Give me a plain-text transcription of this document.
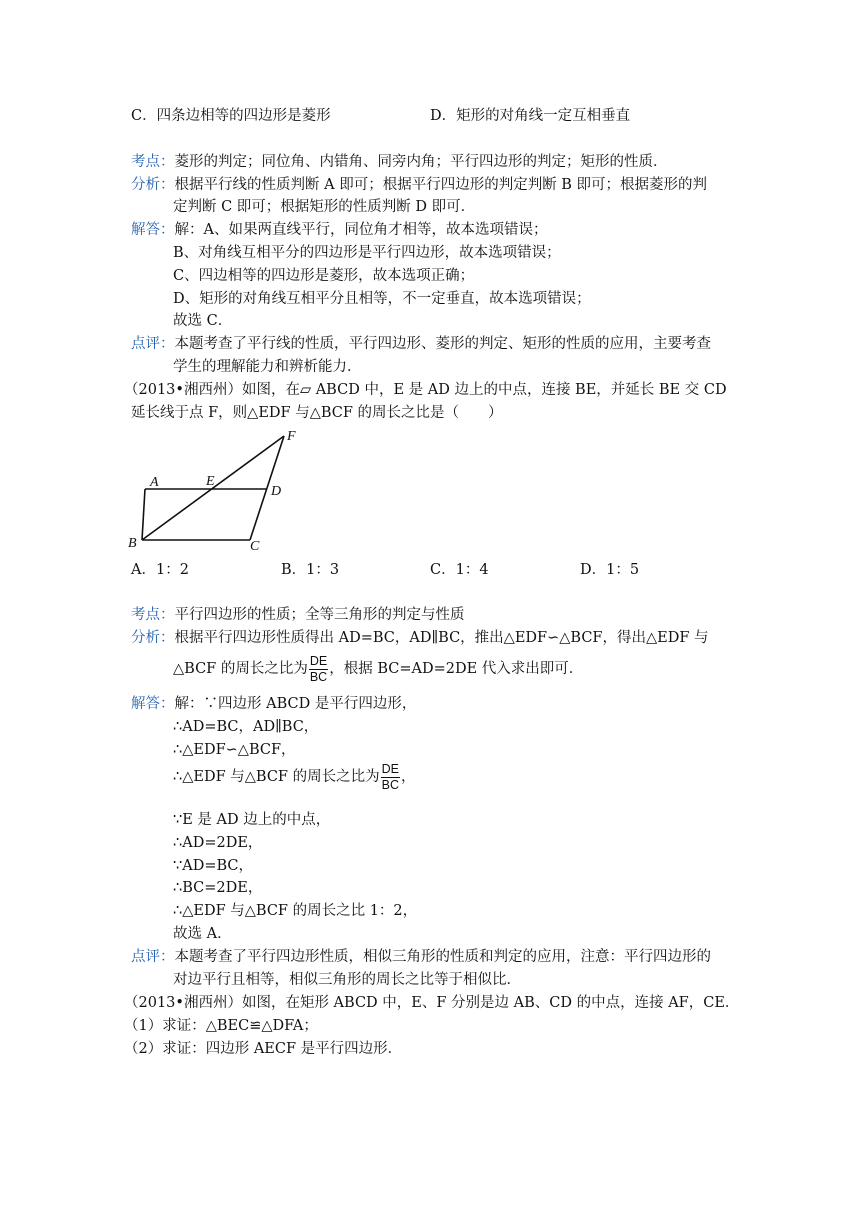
C．四条边相等的四边形是菱形	D．矩形的对角线一定互相垂直
考点：菱形的判定；同位角、内错角、同旁内角；平行四边形的判定；矩形的性质．
分析：根据平行线的性质判断 A 即可；根据平行四边形的判定判断 B 即可；根据菱形的判
定判断 C 即可；根据矩形的性质判断 D 即可．
解答：解：A、如果两直线平行，同位角才相等，故本选项错误；
B、对角线互相平分的四边形是平行四边形，故本选项错误；
C、四边相等的四边形是菱形，故本选项正确；
D、矩形的对角线互相平分且相等，不一定垂直，故本选项错误；
故选 C．
点评：本题考查了平行线的性质，平行四边形、菱形的判定、矩形的性质的应用，主要考查
学生的理解能力和辨析能力．
（2013•湘西州）如图，在▱ ABCD 中，E 是 AD 边上的中点，连接 BE，并延长 BE 交 CD
延长线于点 F，则△EDF 与△BCF 的周长之比是（　　）
A	E
D
F
B	C
A．1：2	B．1：3	C．1：4	D．1：5
考点：平行四边形的性质；全等三角形的判定与性质
分析：根据平行四边形性质得出 AD=BC，AD∥BC，推出△EDF∽△BCF，得出△EDF 与
△BCF 的周长之比为 $\frac{DE}{BC}$ ，根据 BC=AD=2DE 代入求出即可．
解答：解：∵四边形 ABCD 是平行四边形，
∴AD=BC，AD∥BC，
∴△EDF∽△BCF，
∴△EDF 与△BCF 的周长之比为 $\frac{DE}{BC}$ ，
∵E 是 AD 边上的中点，
∴AD=2DE，
∵AD=BC，
∴BC=2DE，
∴△EDF 与△BCF 的周长之比 1：2，
故选 A．
点评：本题考查了平行四边形性质，相似三角形的性质和判定的应用，注意：平行四边形的
对边平行且相等，相似三角形的周长之比等于相似比．
（2013•湘西州）如图，在矩形 ABCD 中，E、F 分别是边 AB、CD 的中点，连接 AF，CE．
（1）求证：△BEC≌△DFA；
（2）求证：四边形 AECF 是平行四边形．
